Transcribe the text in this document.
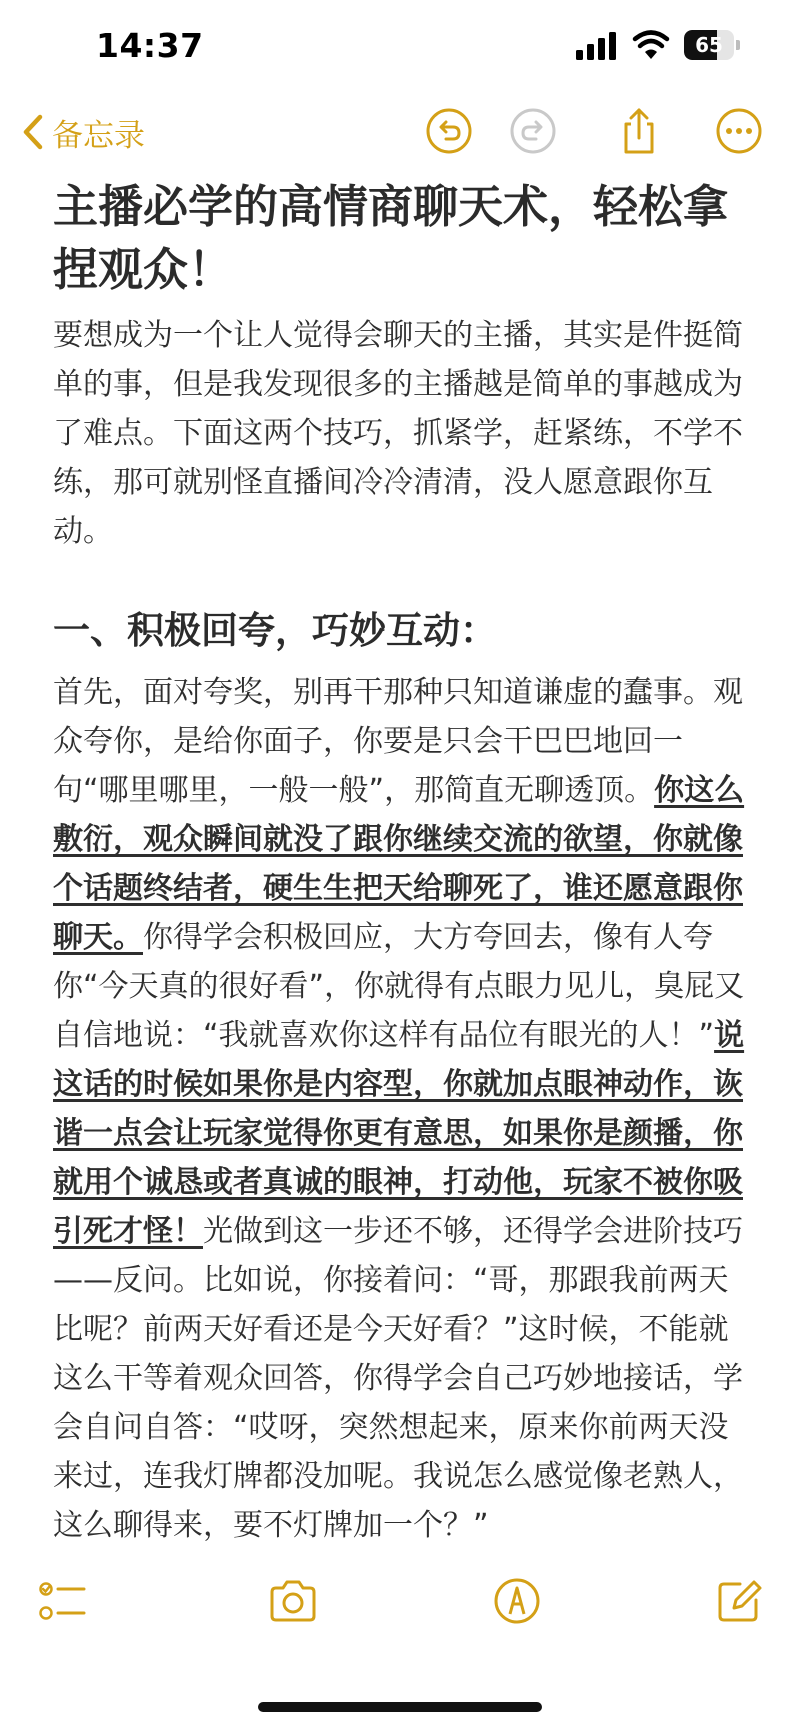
14:37	65
备忘录
主播必学的高情商聊天术，轻松拿捏观众！

要想成为一个让人觉得会聊天的主播，其实是件挺简单的事，但是我发现很多的主播越是简单的事越成为了难点。下面这两个技巧，抓紧学，赶紧练，不学不练，那可就别怪直播间冷冷清清，没人愿意跟你互动。

一、积极回夸，巧妙互动：

首先，面对夸奖，别再干那种只知道谦虚的蠢事。观众夸你，是给你面子，你要是只会干巴巴地回一句“哪里哪里，一般一般”，那简直无聊透顶。你这么敷衍，观众瞬间就没了跟你继续交流的欲望，你就像个话题终结者，硬生生把天给聊死了，谁还愿意跟你聊天。你得学会积极回应，大方夸回去，像有人夸你“今天真的很好看”，你就得有点眼力见儿，臭屁又自信地说：“我就喜欢你这样有品位有眼光的人！”说这话的时候如果你是内容型，你就加点眼神动作，诙谐一点会让玩家觉得你更有意思，如果你是颜播，你就用个诚恳或者真诚的眼神，打动他，玩家不被你吸引死才怪！光做到这一步还不够，还得学会进阶技巧——反问。比如说，你接着问：“哥，那跟我前两天比呢？前两天好看还是今天好看？”这时候，不能就这么干等着观众回答，你得学会自己巧妙地接话，学会自问自答：“哎呀，突然想起来，原来你前两天没来过，连我灯牌都没加呢。我说怎么感觉像老熟人，这么聊得来，要不灯牌加一个？”
